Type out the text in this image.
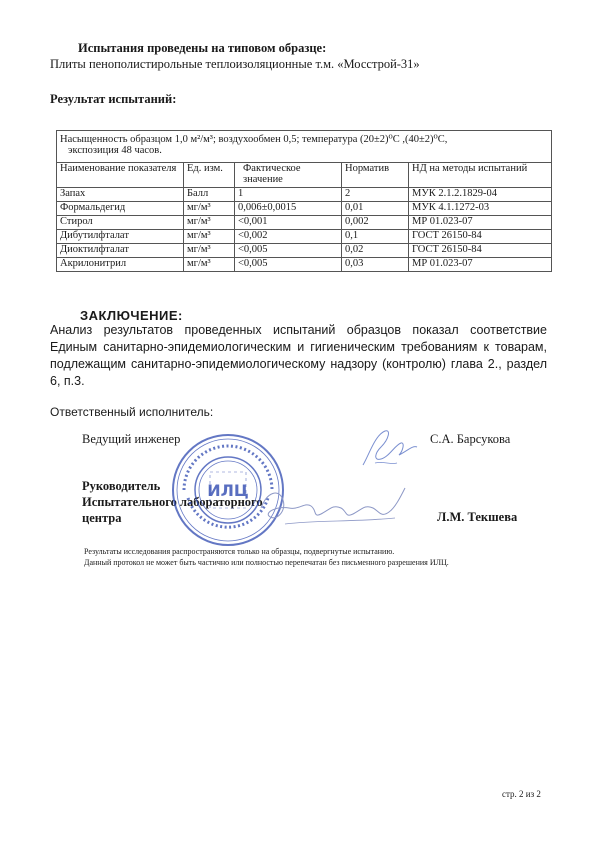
Испытания проведены на типовом образце:
Плиты пенополистирольные теплоизоляционные т.м. «Мосстрой-31»
Результат испытаний:
Насыщенность образцом 1,0 м²/м³; воздухообмен 0,5; температура (20±2)⁰С ,(40±2)⁰С,
экспозиция 48 часов.				

Наименование показателя	Ед. изм.	Фактическое значение	Норматив	НД на методы испытаний
Запах	Балл	1	2	МУК 2.1.2.1829-04
Формальдегид	мг/м³	0,006±0,0015	0,01	МУК 4.1.1272-03
Стирол	мг/м³	<0,001	0,002	МР 01.023-07
Дибутилфталат	мг/м³	<0,002	0,1	ГОСТ 26150-84
Диоктилфталат	мг/м³	<0,005	0,02	ГОСТ 26150-84
Акрилонитрил	мг/м³	<0,005	0,03	МР 01.023-07
ЗАКЛЮЧЕНИЕ:
Анализ результатов проведенных испытаний образцов показал соответствие Единым санитарно-эпидемиологическим и гигиеническим требованиям к товарам, подлежащим санитарно-эпидемиологическому надзору (контролю) глава 2., раздел 6, п.3.
Ответственный исполнитель:
Ведущий инженер	С.А. Барсукова
Руководитель
Испытательного лабораторного
центра	Л.М. Текшева
ИЛЦ
Результаты исследования распространяются только на образцы, подвергнутые испытанию.
Данный протокол не может быть частично или полностью перепечатан без письменного разрешения ИЛЦ.
стр. 2 из 2
